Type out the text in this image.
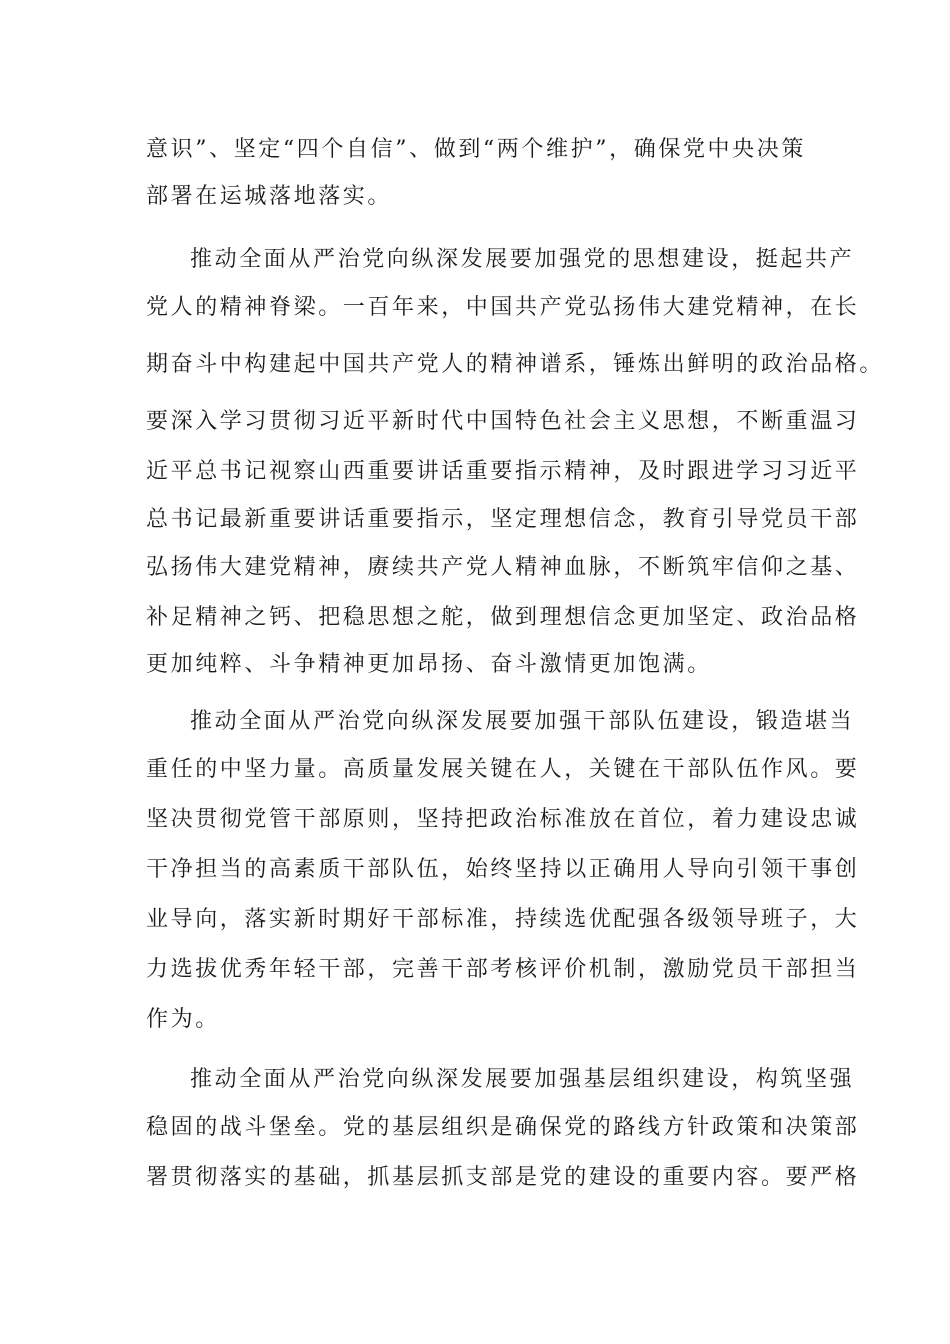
意识”、坚定“四个自信”、做到“两个维护”，确保党中央决策
部署在运城落地落实。
推动全面从严治党向纵深发展要加强党的思想建设，挺起共产
党人的精神脊梁。一百年来，中国共产党弘扬伟大建党精神，在长
期奋斗中构建起中国共产党人的精神谱系，锤炼出鲜明的政治品格。
要深入学习贯彻习近平新时代中国特色社会主义思想，不断重温习
近平总书记视察山西重要讲话重要指示精神，及时跟进学习习近平
总书记最新重要讲话重要指示，坚定理想信念，教育引导党员干部
弘扬伟大建党精神，赓续共产党人精神血脉，不断筑牢信仰之基、
补足精神之钙、把稳思想之舵，做到理想信念更加坚定、政治品格
更加纯粹、斗争精神更加昂扬、奋斗激情更加饱满。
推动全面从严治党向纵深发展要加强干部队伍建设，锻造堪当
重任的中坚力量。高质量发展关键在人，关键在干部队伍作风。要
坚决贯彻党管干部原则，坚持把政治标准放在首位，着力建设忠诚
干净担当的高素质干部队伍，始终坚持以正确用人导向引领干事创
业导向，落实新时期好干部标准，持续选优配强各级领导班子，大
力选拔优秀年轻干部，完善干部考核评价机制，激励党员干部担当
作为。
推动全面从严治党向纵深发展要加强基层组织建设，构筑坚强
稳固的战斗堡垒。党的基层组织是确保党的路线方针政策和决策部
署贯彻落实的基础，抓基层抓支部是党的建设的重要内容。要严格
